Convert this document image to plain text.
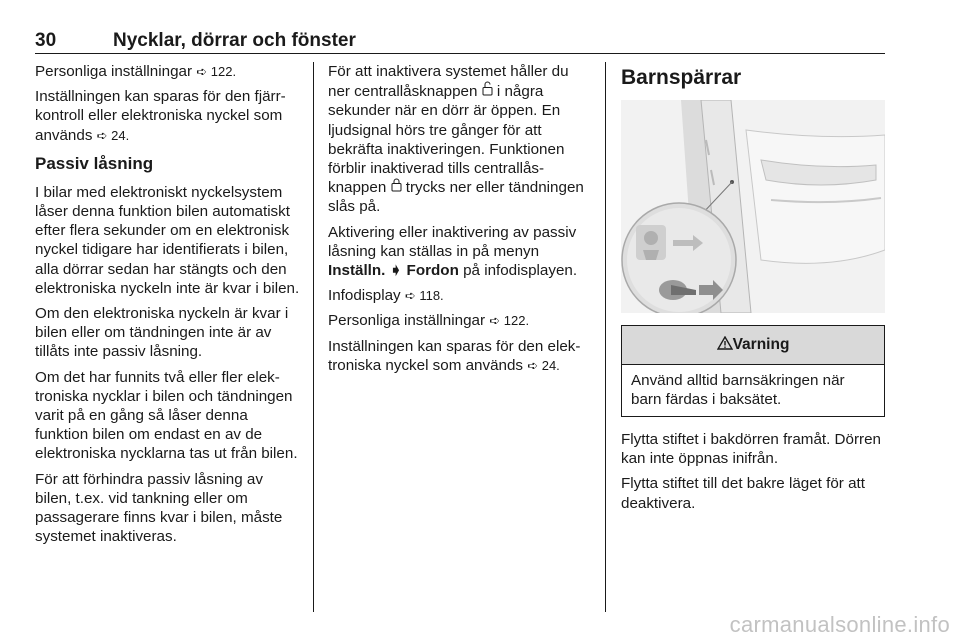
30	Nycklar, dörrar och fönster

Personliga inställningar ➪ 122.

Inställningen kan sparas för den fjärrkontroll eller elektroniska nyckel som används ➪ 24.

Passiv låsning

I bilar med elektroniskt nyckelsystem låser denna funktion bilen automatiskt efter flera sekunder om en elektronisk nyckel tidigare har identifierats i bilen, alla dörrar sedan har stängts och den elektroniska nyckeln inte är kvar i bilen.

Om den elektroniska nyckeln är kvar i bilen eller om tändningen inte är av tillåts inte passiv låsning.

Om det har funnits två eller fler elektroniska nycklar i bilen och tändningen varit på en gång så låser denna funktion bilen om endast en av de elektroniska nycklarna tas ut från bilen.

För att förhindra passiv låsning av bilen, t.ex. vid tankning eller om passagerare finns kvar i bilen, måste systemet inaktiveras.

För att inaktivera systemet håller du ner centrallåsknappen  i några sekunder när en dörr är öppen. En ljudsignal hörs tre gånger för att bekräfta inaktiveringen. Funktionen förblir inaktiverad tills centrallåsknappen  trycks ner eller tändningen slås på.

Aktivering eller inaktivering av passiv låsning kan ställas in på menyn Inställn. ➧ Fordon på infodisplayen.

Infodisplay ➪ 118.

Personliga inställningar ➪ 122.

Inställningen kan sparas för den elektroniska nyckel som används ➪ 24.

Barnspärrar
Varning
Använd alltid barnsäkringen när barn färdas i baksätet.

Flytta stiftet i bakdörren framåt. Dörren kan inte öppnas inifrån.

Flytta stiftet till det bakre läget för att deaktivera.

carmanualsonline.info
